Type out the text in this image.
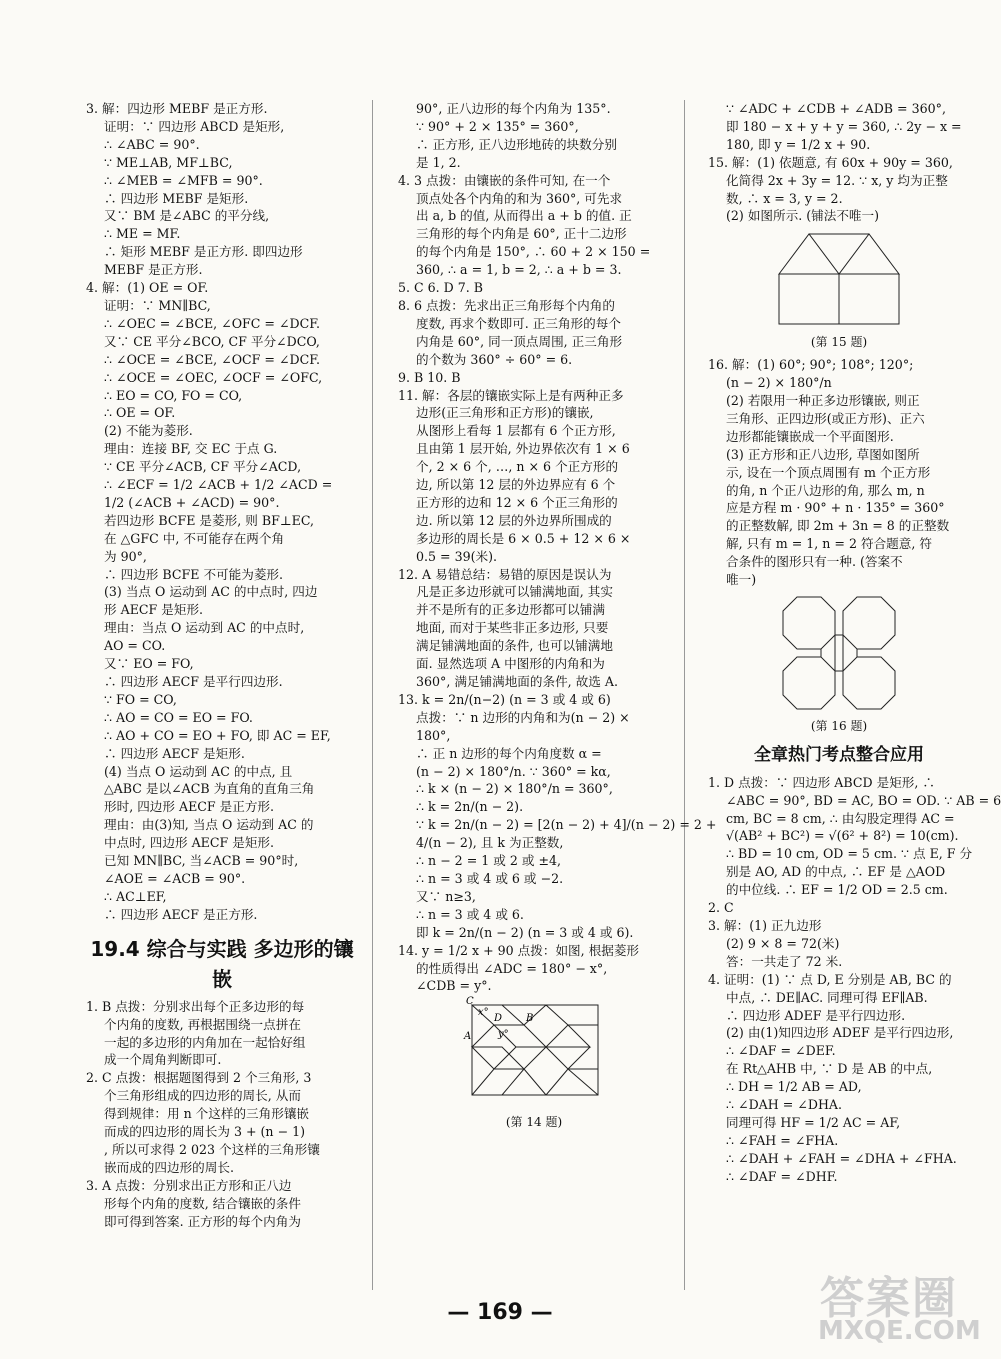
3. 解：四边形 MEBF 是正方形.

证明：∵ 四边形 ABCD 是矩形,

∴ ∠ABC = 90°.

∵ ME⊥AB, MF⊥BC,

∴ ∠MEB = ∠MFB = 90°.

∴ 四边形 MEBF 是矩形.

又∵ BM 是∠ABC 的平分线,

∴ ME = MF.

∴ 矩形 MEBF 是正方形. 即四边形

MEBF 是正方形.

4. 解：(1) OE = OF.

证明：∵ MN∥BC,

∴ ∠OEC = ∠BCE, ∠OFC = ∠DCF.

又∵ CE 平分∠BCO, CF 平分∠DCO,

∴ ∠OCE = ∠BCE, ∠OCF = ∠DCF.

∴ ∠OCE = ∠OEC, ∠OCF = ∠OFC,

∴ EO = CO, FO = CO,

∴ OE = OF.

(2) 不能为菱形.

理由：连接 BF, 交 EC 于点 G.

∵ CE 平分∠ACB, CF 平分∠ACD,

∴ ∠ECF = 1/2 ∠ACB + 1/2 ∠ACD =

1/2 (∠ACB + ∠ACD) = 90°.

若四边形 BCFE 是菱形, 则 BF⊥EC,

在 △GFC 中, 不可能存在两个角

为 90°,

∴ 四边形 BCFE 不可能为菱形.

(3) 当点 O 运动到 AC 的中点时, 四边

形 AECF 是矩形.

理由：当点 O 运动到 AC 的中点时,

AO = CO.

又∵ EO = FO,

∴ 四边形 AECF 是平行四边形.

∵ FO = CO,

∴ AO = CO = EO = FO.

∴ AO + CO = EO + FO, 即 AC = EF,

∴ 四边形 AECF 是矩形.

(4) 当点 O 运动到 AC 的中点, 且

△ABC 是以∠ACB 为直角的直角三角

形时, 四边形 AECF 是正方形.

理由：由(3)知, 当点 O 运动到 AC 的

中点时, 四边形 AECF 是矩形.

已知 MN∥BC, 当∠ACB = 90°时,

∠AOE = ∠ACB = 90°.

∴ AC⊥EF,

∴ 四边形 AECF 是正方形.

19.4 综合与实践 多边形的镶嵌

1. B 点拨：分别求出每个正多边形的每

个内角的度数, 再根据围绕一点拼在

一起的多边形的内角加在一起恰好组

成一个周角判断即可.

2. C 点拨：根据题图得到 2 个三角形, 3

个三角形组成的四边形的周长, 从而

得到规律：用 n 个这样的三角形镶嵌

而成的四边形的周长为 3 + (n − 1)

, 所以可求得 2 023 个这样的三角形镶

嵌而成的四边形的周长.

3. A 点拨：分别求出正方形和正八边

形每个内角的度数, 结合镶嵌的条件

即可得到答案. 正方形的每个内角为

90°, 正八边形的每个内角为 135°.

∵ 90° + 2 × 135° = 360°,

∴ 正方形, 正八边形地砖的块数分别

是 1, 2.

4. 3 点拨：由镶嵌的条件可知, 在一个

顶点处各个内角的和为 360°, 可先求

出 a, b 的值, 从而得出 a + b 的值. 正

三角形的每个内角是 60°, 正十二边形

的每个内角是 150°, ∴ 60 + 2 × 150 =

360, ∴ a = 1, b = 2, ∴ a + b = 3.

5. C 6. D 7. B

8. 6 点拨：先求出正三角形每个内角的

度数, 再求个数即可. 正三角形的每个

内角是 60°, 同一顶点周围, 正三角形

的个数为 360° ÷ 60° = 6.

9. B 10. B

11. 解：各层的镶嵌实际上是有两种正多

边形(正三角形和正方形)的镶嵌,

从图形上看每 1 层都有 6 个正方形,

且由第 1 层开始, 外边界依次有 1 × 6

个, 2 × 6 个, …, n × 6 个正方形的

边, 所以第 12 层的外边界应有 6 个

正方形的边和 12 × 6 个正三角形的

边. 所以第 12 层的外边界所围成的

多边形的周长是 6 × 0.5 + 12 × 6 ×

0.5 = 39(米).

12. A 易错总结：易错的原因是误认为

凡是正多边形就可以铺满地面, 其实

并不是所有的正多边形都可以铺满

地面, 而对于某些非正多边形, 只要

满足铺满地面的条件, 也可以铺满地

面. 显然选项 A 中图形的内角和为

360°, 满足铺满地面的条件, 故选 A.

13. k = 2n/(n−2) (n = 3 或 4 或 6)

点拨：∵ n 边形的内角和为(n − 2) ×

180°,

∴ 正 n 边形的每个内角度数 α =

(n − 2) × 180°/n. ∵ 360° = kα,

∴ k × (n − 2) × 180°/n = 360°,

∴ k = 2n/(n − 2).

∵ k = 2n/(n − 2) = [2(n − 2) + 4]/(n − 2) = 2 +

4/(n − 2), 且 k 为正整数,

∴ n − 2 = 1 或 2 或 ±4,

∴ n = 3 或 4 或 6 或 −2.

又∵ n≥3,

∴ n = 3 或 4 或 6.

即 k = 2n/(n − 2) (n = 3 或 4 或 6).

14. y = 1/2 x + 90 点拨：如图, 根据菱形

的性质得出 ∠ADC = 180° − x°,

∠CDB = y°.

x°
D
C
B
A	y°
(第 14 题)

∵ ∠ADC + ∠CDB + ∠ADB = 360°,

即 180 − x + y + y = 360, ∴ 2y − x =

180, 即 y = 1/2 x + 90.

15. 解：(1) 依题意, 有 60x + 90y = 360,

化简得 2x + 3y = 12. ∵ x, y 均为正整

数, ∴ x = 3, y = 2.

(2) 如图所示. (铺法不唯一)

(第 15 题)

16. 解：(1) 60°; 90°; 108°; 120°;

(n − 2) × 180°/n

(2) 若限用一种正多边形镶嵌, 则正

三角形、正四边形(或正方形)、正六

边形都能镶嵌成一个平面图形.

(3) 正方形和正八边形, 草图如图所

示, 设在一个顶点周围有 m 个正方形

的角, n 个正八边形的角, 那么 m, n

应是方程 m · 90° + n · 135° = 360°

的正整数解, 即 2m + 3n = 8 的正整数

解, 只有 m = 1, n = 2 符合题意, 符

合条件的图形只有一种. (答案不

唯一)

(第 16 题)
全章热门考点整合应用

1. D 点拨：∵ 四边形 ABCD 是矩形, ∴

∠ABC = 90°, BD = AC, BO = OD. ∵ AB = 6

cm, BC = 8 cm, ∴ 由勾股定理得 AC =

√(AB² + BC²) = √(6² + 8²) = 10(cm).

∴ BD = 10 cm, OD = 5 cm. ∵ 点 E, F 分

别是 AO, AD 的中点, ∴ EF 是 △AOD

的中位线. ∴ EF = 1/2 OD = 2.5 cm.

2. C

3. 解：(1) 正九边形

(2) 9 × 8 = 72(米)

答：一共走了 72 米.

4. 证明：(1) ∵ 点 D, E 分别是 AB, BC 的

中点, ∴ DE∥AC. 同理可得 EF∥AB.

∴ 四边形 ADEF 是平行四边形.

(2) 由(1)知四边形 ADEF 是平行四边形,

∴ ∠DAF = ∠DEF.

在 Rt△AHB 中, ∵ D 是 AB 的中点,

∴ DH = 1/2 AB = AD,

∴ ∠DAH = ∠DHA.

同理可得 HF = 1/2 AC = AF,

∴ ∠FAH = ∠FHA.

∴ ∠DAH + ∠FAH = ∠DHA + ∠FHA.

∴ ∠DAF = ∠DHF.

— 169 —	答案圈
MXQE.COM
